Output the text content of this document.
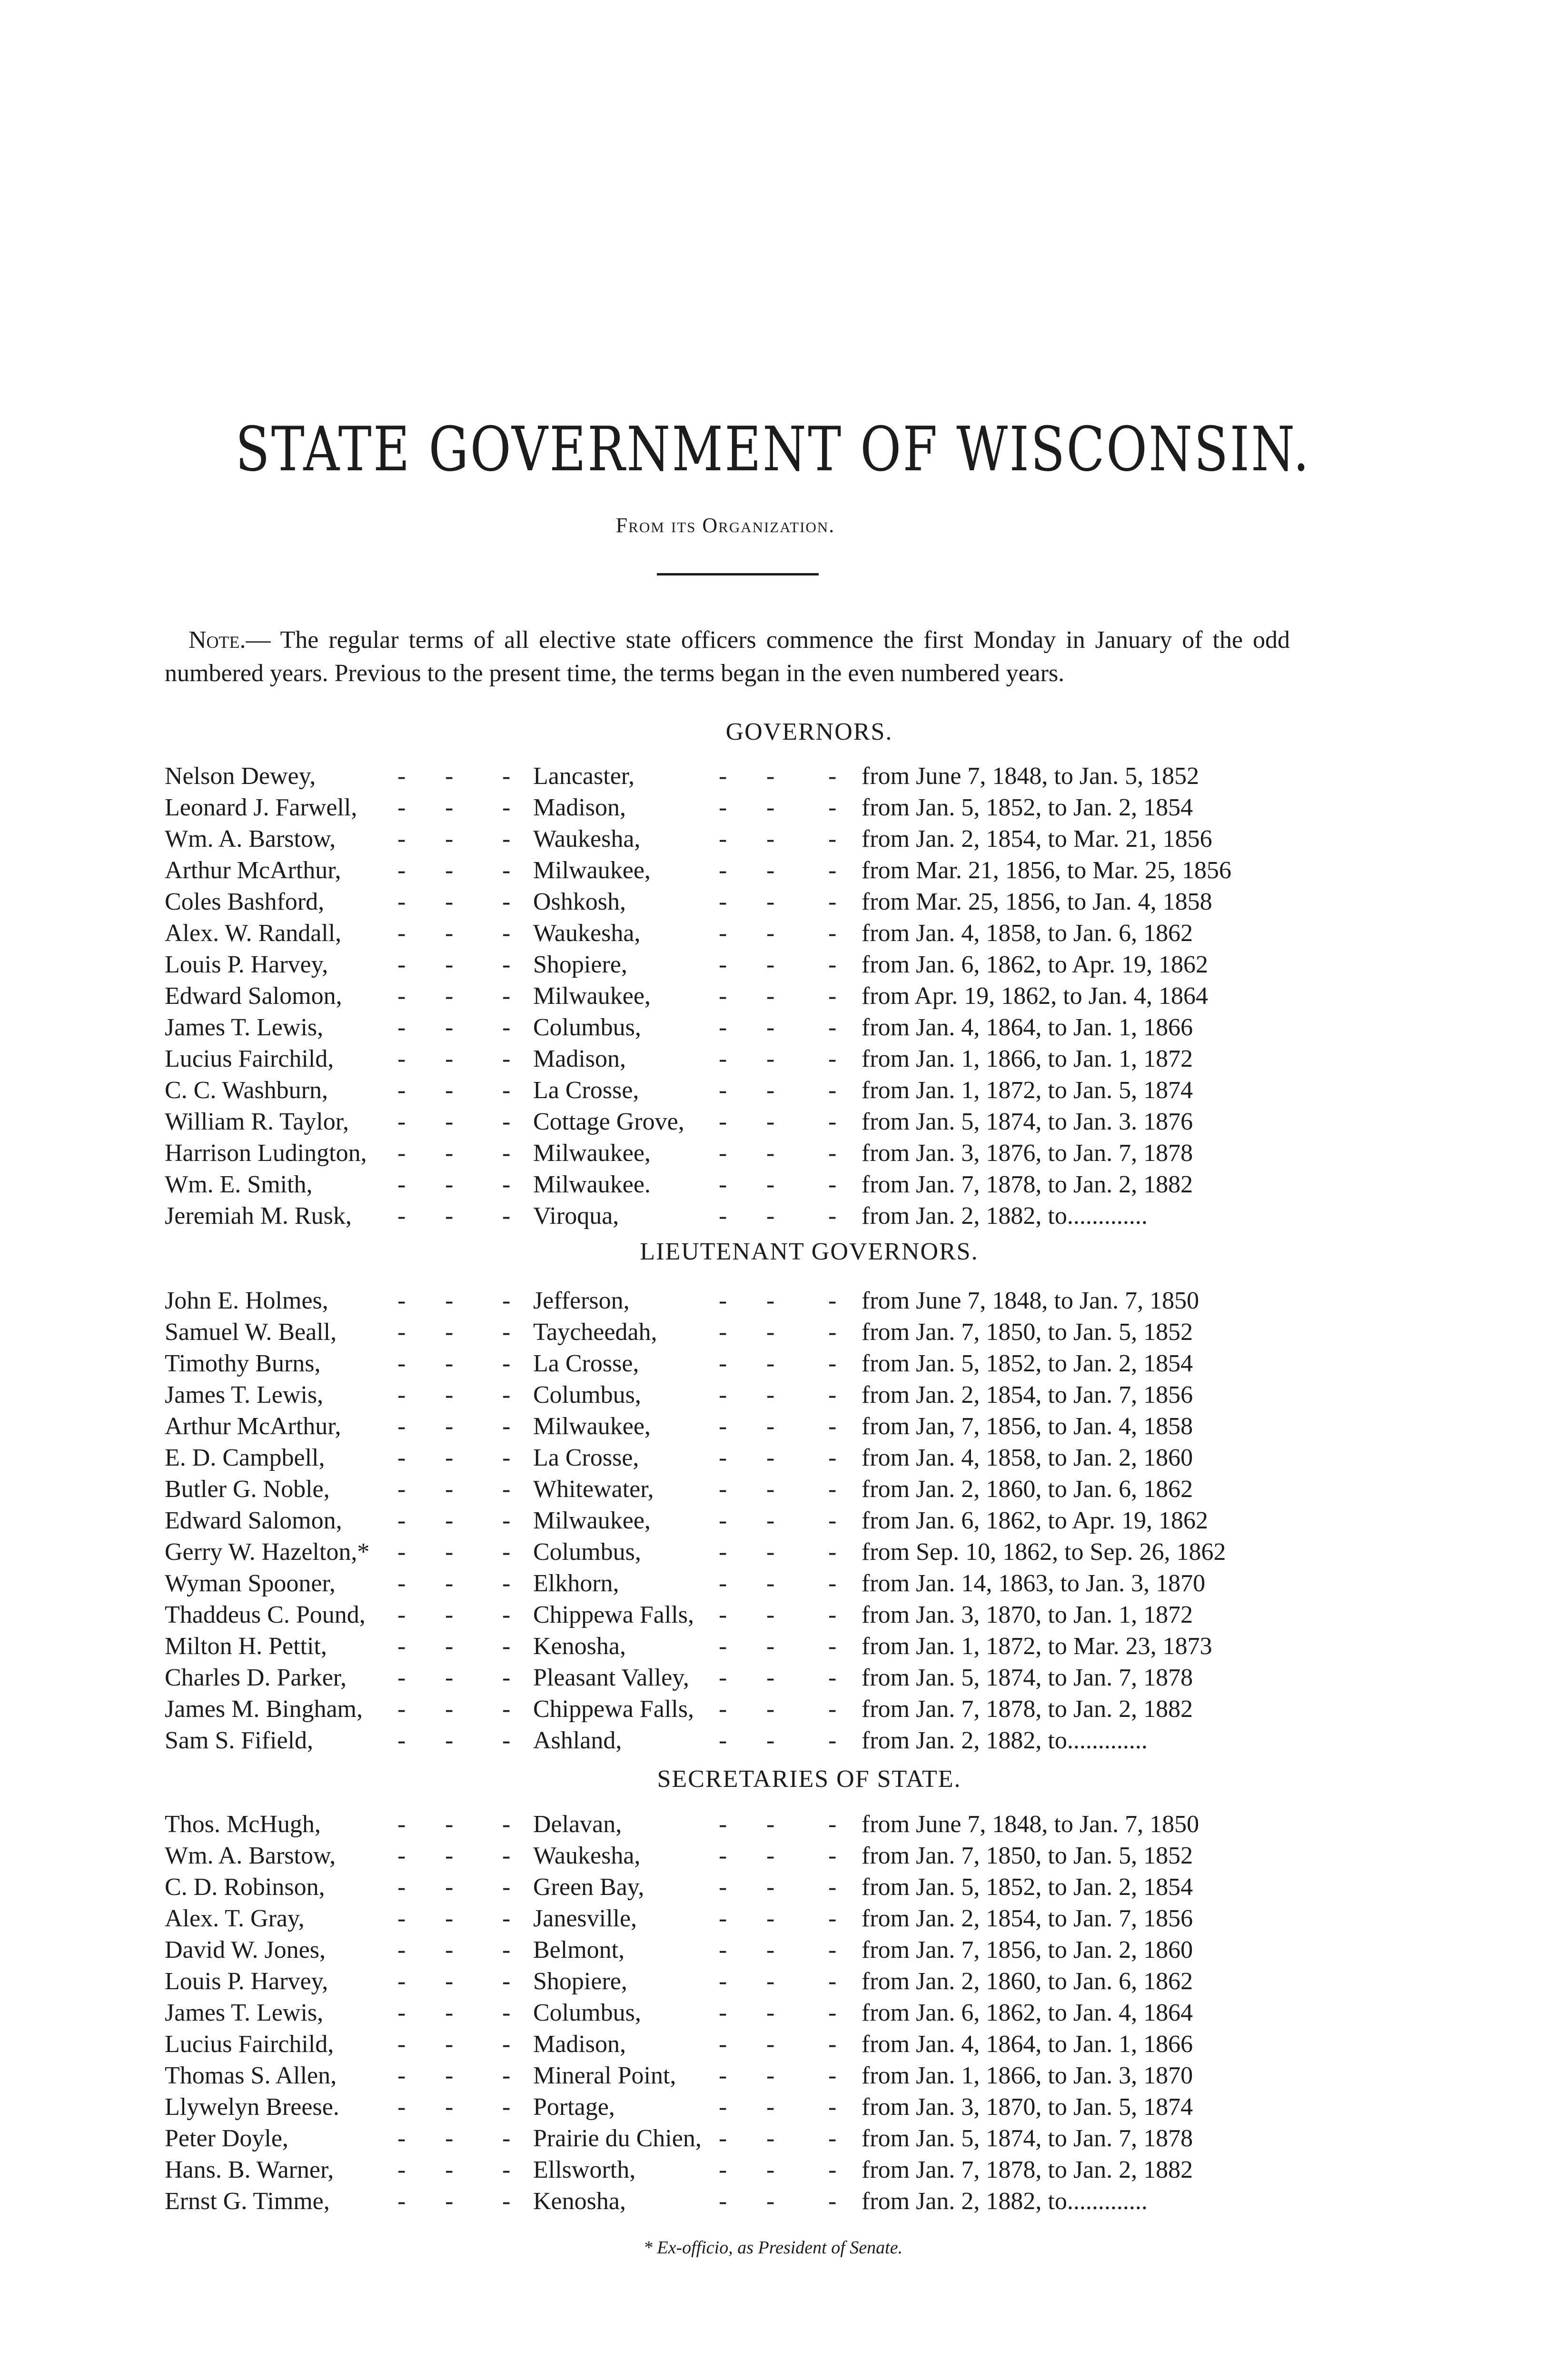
STATE GOVERNMENT OF WISCONSIN.
From its Organization.
Note.— The regular terms of all elective state officers commence the first Monday in January of the odd numbered years. Previous to the present time, the terms began in the even numbered years.
GOVERNORS.
Nelson Dewey,	- - - Lancaster,	- - - from June 7, 1848, to Jan. 5, 1852
Leonard J. Farwell, - - - Madison,	- - - from Jan. 5, 1852, to Jan. 2, 1854
Wm. A. Barstow, - - - Waukesha,	- - - from Jan. 2, 1854, to Mar. 21, 1856
Arthur McArthur, - - - Milwaukee,	- - - from Mar. 21, 1856, to Mar. 25, 1856
Coles Bashford,	- - - Oshkosh,	- - - from Mar. 25, 1856, to Jan. 4, 1858
Alex. W. Randall, - - - Waukesha,	- - - from Jan. 4, 1858, to Jan. 6, 1862
Louis P. Harvey,	- - - Shopiere,	- - - from Jan. 6, 1862, to Apr. 19, 1862
Edward Salomon, - - - Milwaukee,	- - - from Apr. 19, 1862, to Jan. 4, 1864
James T. Lewis,	- - - Columbus,	- - - from Jan. 4, 1864, to Jan. 1, 1866
Lucius Fairchild,	- - - Madison,	- - - from Jan. 1, 1866, to Jan. 1, 1872
C. C. Washburn,	- - - La Crosse,	- - - from Jan. 1, 1872, to Jan. 5, 1874
William R. Taylor, - - - Cottage Grove, - - - from Jan. 5, 1874, to Jan. 3. 1876
Harrison Ludington, - - - Milwaukee,	- - - from Jan. 3, 1876, to Jan. 7, 1878
Wm. E. Smith,	- - - Milwaukee.	- - - from Jan. 7, 1878, to Jan. 2, 1882
Jeremiah M. Rusk, - - - Viroqua,	- - - from Jan. 2, 1882, to.............
LIEUTENANT GOVERNORS.
John E. Holmes,	- - - Jefferson,	- - - from June 7, 1848, to Jan. 7, 1850
Samuel W. Beall, - - - Taycheedah, - - - from Jan. 7, 1850, to Jan. 5, 1852
Timothy Burns,	- - - La Crosse,	- - - from Jan. 5, 1852, to Jan. 2, 1854
James T. Lewis,	- - - Columbus,	- - - from Jan. 2, 1854, to Jan. 7, 1856
Arthur McArthur, - - - Milwaukee,	- - - from Jan, 7, 1856, to Jan. 4, 1858
E. D. Campbell,	- - - La Crosse,	- - - from Jan. 4, 1858, to Jan. 2, 1860
Butler G. Noble,	- - - Whitewater,	- - - from Jan. 2, 1860, to Jan. 6, 1862
Edward Salomon, - - - Milwaukee,	- - - from Jan. 6, 1862, to Apr. 19, 1862
Gerry W. Hazelton,* - - - Columbus,	- - - from Sep. 10, 1862, to Sep. 26, 1862
Wyman Spooner,	- - - Elkhorn,	- - - from Jan. 14, 1863, to Jan. 3, 1870
Thaddeus C. Pound, - - - Chippewa Falls, - - - from Jan. 3, 1870, to Jan. 1, 1872
Milton H. Pettit,	- - - Kenosha,	- - - from Jan. 1, 1872, to Mar. 23, 1873
Charles D. Parker, - - - Pleasant Valley, - - - from Jan. 5, 1874, to Jan. 7, 1878
James M. Bingham, - - - Chippewa Falls, - - - from Jan. 7, 1878, to Jan. 2, 1882
Sam S. Fifield,	- - - Ashland,	- - - from Jan. 2, 1882, to.............
SECRETARIES OF STATE.
Thos. McHugh,	- - - Delavan,	- - - from June 7, 1848, to Jan. 7, 1850
Wm. A. Barstow, - - - Waukesha,	- - - from Jan. 7, 1850, to Jan. 5, 1852
C. D. Robinson,	- - - Green Bay,	- - - from Jan. 5, 1852, to Jan. 2, 1854
Alex. T. Gray,	- - - Janesville,	- - - from Jan. 2, 1854, to Jan. 7, 1856
David W. Jones,	- - - Belmont,	- - - from Jan. 7, 1856, to Jan. 2, 1860
Louis P. Harvey,	- - - Shopiere,	- - - from Jan. 2, 1860, to Jan. 6, 1862
James T. Lewis,	- - - Columbus,	- - - from Jan. 6, 1862, to Jan. 4, 1864
Lucius Fairchild,	- - - Madison,	- - - from Jan. 4, 1864, to Jan. 1, 1866
Thomas S. Allen, - - - Mineral Point, - - - from Jan. 1, 1866, to Jan. 3, 1870
Llywelyn Breese. - - - Portage,	- - - from Jan. 3, 1870, to Jan. 5, 1874
Peter Doyle,	- - - Prairie du Chien, - - - from Jan. 5, 1874, to Jan. 7, 1878
Hans. B. Warner,	- - - Ellsworth,	- - - from Jan. 7, 1878, to Jan. 2, 1882
Ernst G. Timme,	- - - Kenosha,	- - - from Jan. 2, 1882, to.............
* Ex-officio, as President of Senate.
